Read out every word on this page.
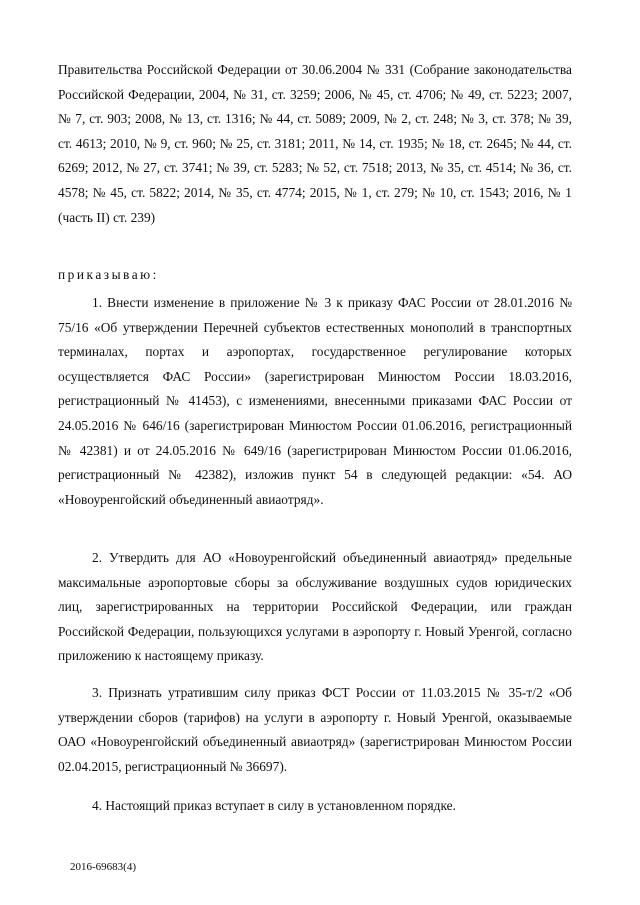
Правительства Российской Федерации от 30.06.2004 № 331 (Собрание законодательства Российской Федерации, 2004, № 31, ст. 3259; 2006, № 45, ст. 4706; № 49, ст. 5223; 2007, № 7, ст. 903; 2008, № 13, ст. 1316; № 44, ст. 5089; 2009, № 2, ст. 248; № 3, ст. 378; № 39, ст. 4613; 2010, № 9, ст. 960; № 25, ст. 3181; 2011, № 14, ст. 1935; № 18, ст. 2645; № 44, ст. 6269; 2012, № 27, ст. 3741; № 39, ст. 5283; № 52, ст. 7518; 2013, № 35, ст. 4514; № 36, ст. 4578; № 45, ст. 5822; 2014, № 35, ст. 4774; 2015, № 1, ст. 279; № 10, ст. 1543; 2016, № 1 (часть II) ст. 239)

приказываю:

1. Внести изменение в приложение № 3 к приказу ФАС России от 28.01.2016 № 75/16 «Об утверждении Перечней субъектов естественных монополий в транспортных терминалах, портах и аэропортах, государственное регулирование которых осуществляется ФАС России» (зарегистрирован Минюстом России 18.03.2016, регистрационный № 41453), с изменениями, внесенными приказами ФАС России от 24.05.2016 № 646/16 (зарегистрирован Минюстом России 01.06.2016, регистрационный № 42381) и от 24.05.2016 № 649/16 (зарегистрирован Минюстом России 01.06.2016, регистрационный № 42382), изложив пункт 54 в следующей редакции: «54. АО «Новоуренгойский объединенный авиаотряд».

2. Утвердить для АО «Новоуренгойский объединенный авиаотряд» предельные максимальные аэропортовые сборы за обслуживание воздушных судов юридических лиц, зарегистрированных на территории Российской Федерации, или граждан Российской Федерации, пользующихся услугами в аэропорту г. Новый Уренгой, согласно приложению к настоящему приказу.

3. Признать утратившим силу приказ ФСТ России от 11.03.2015 № 35-т/2 «Об утверждении сборов (тарифов) на услуги в аэропорту г. Новый Уренгой, оказываемые ОАО «Новоуренгойский объединенный авиаотряд» (зарегистрирован Минюстом России 02.04.2015, регистрационный № 36697).

4. Настоящий приказ вступает в силу в установленном порядке.

2016-69683(4)
